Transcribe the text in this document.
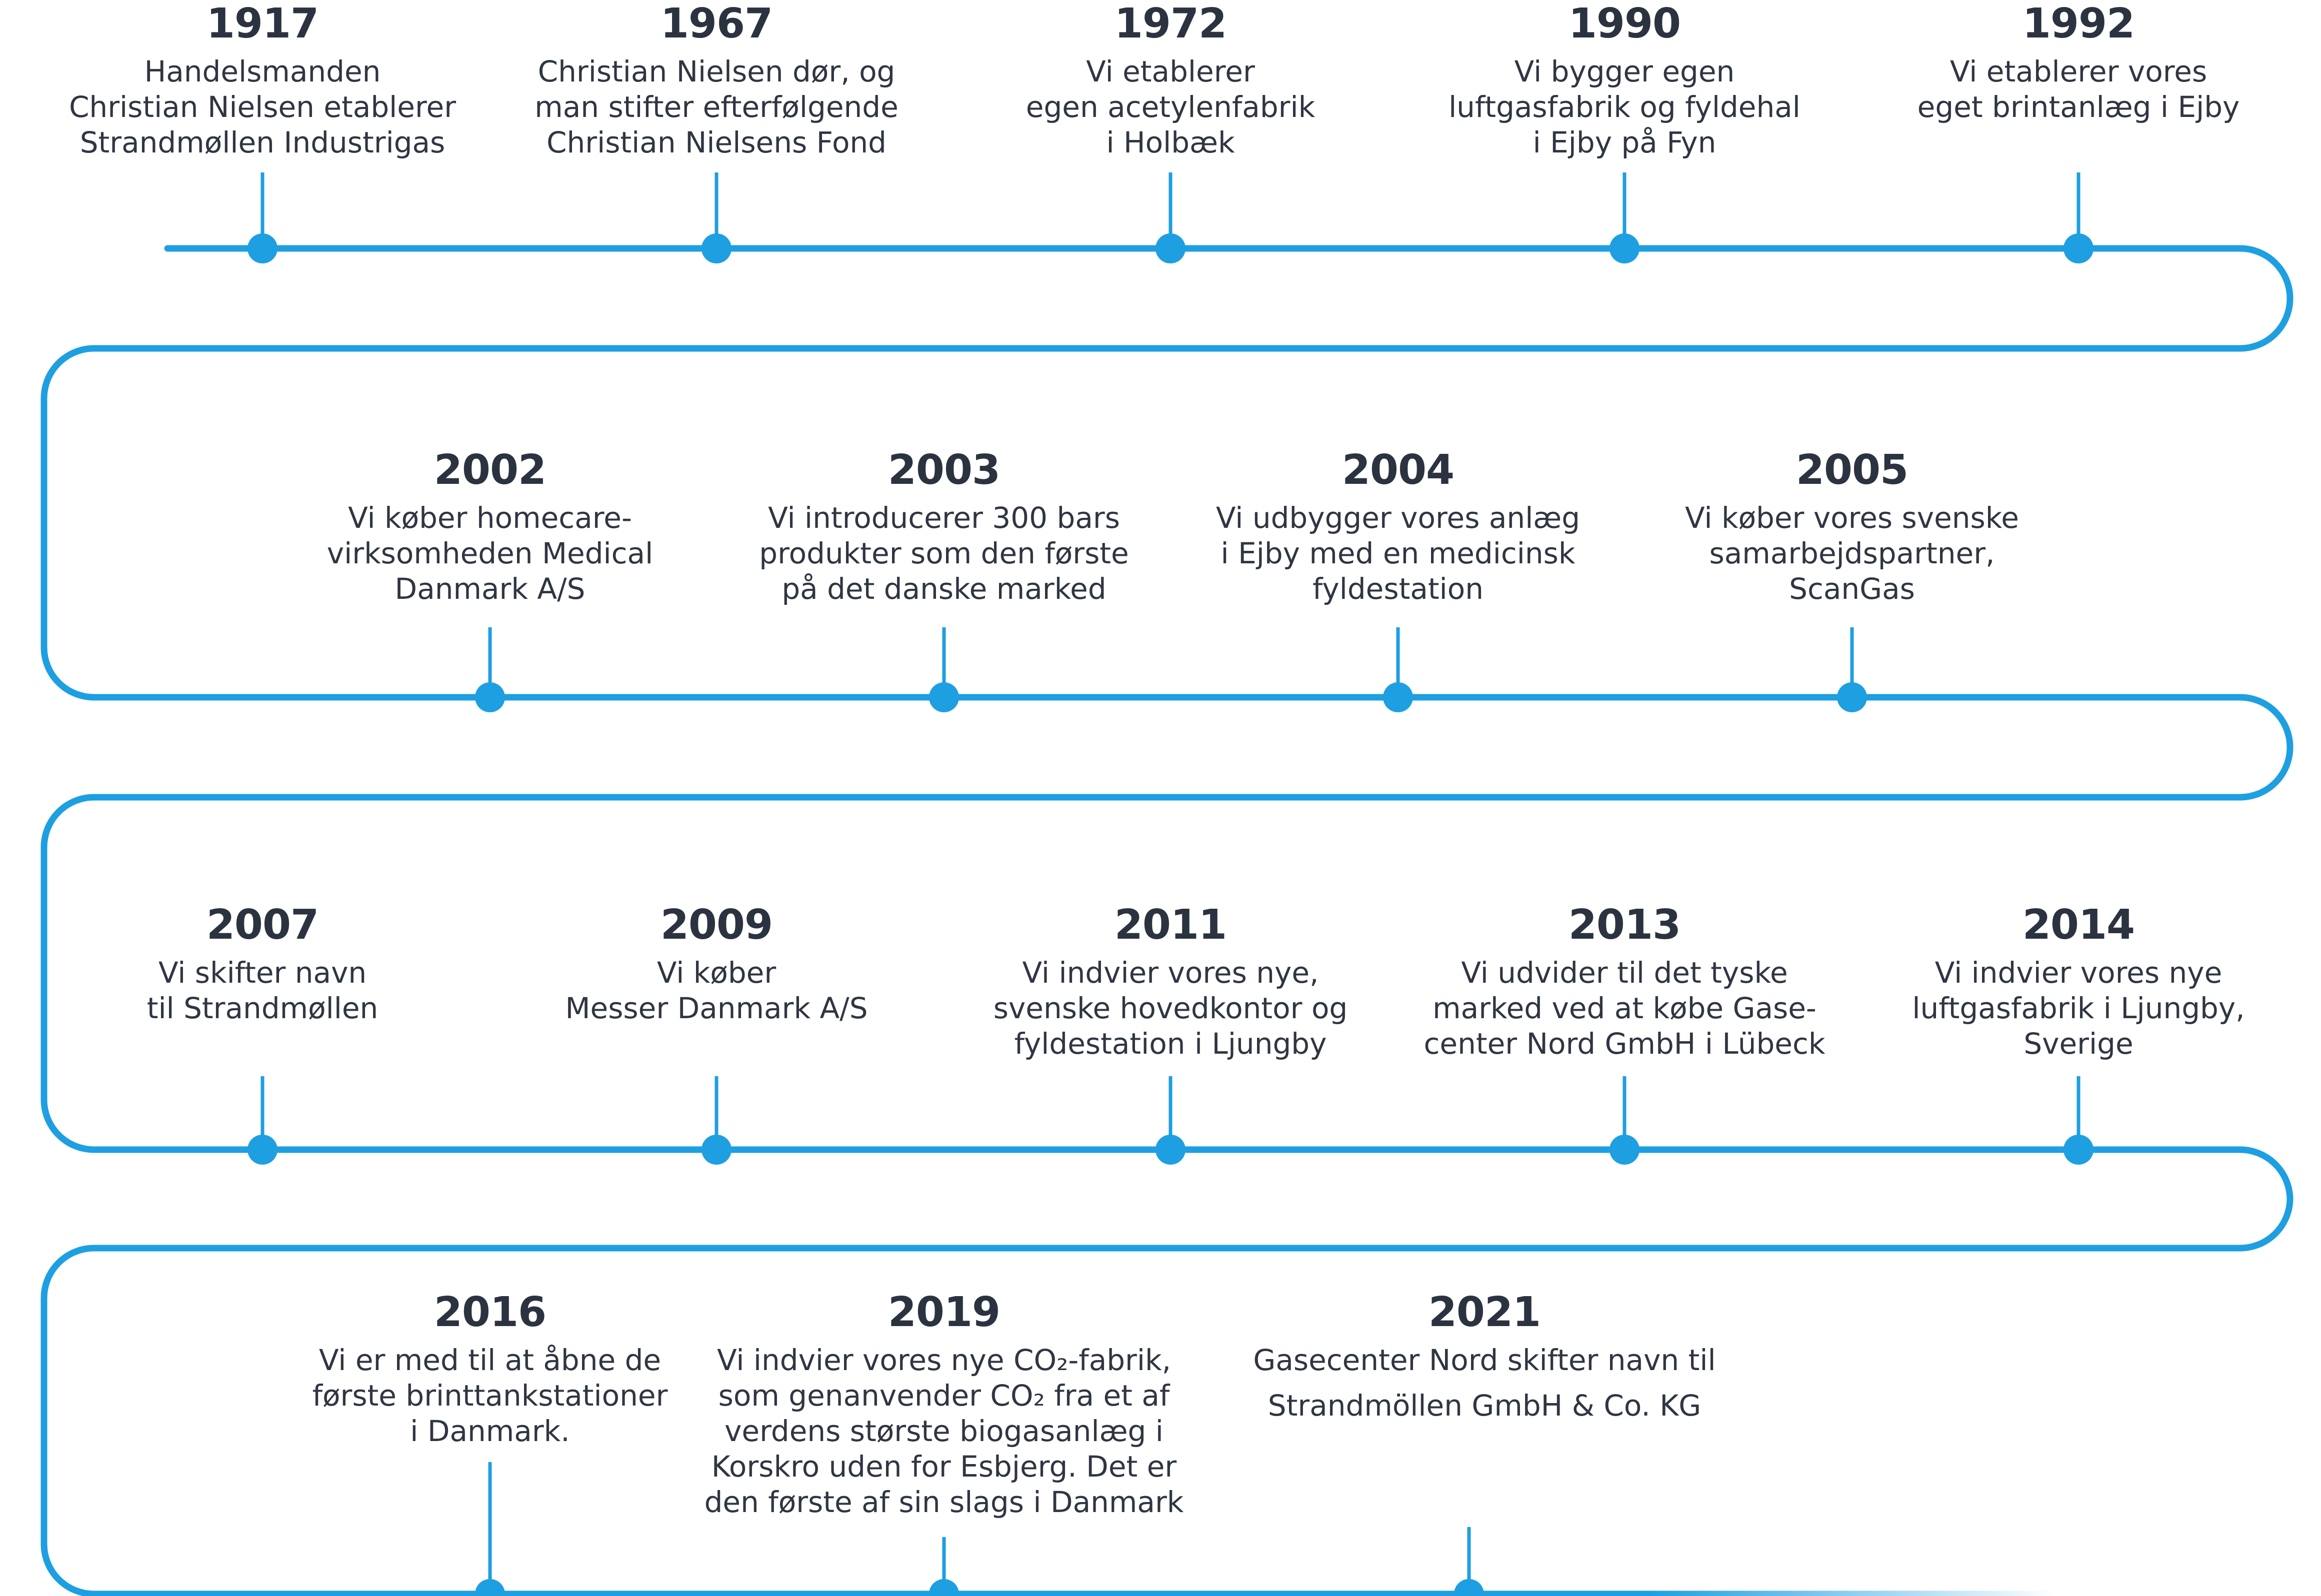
1917
Handelsmanden
Christian Nielsen etablerer
Strandmøllen Industrigas
1967
Christian Nielsen dør, og
man stifter efterfølgende
Christian Nielsens Fond
1972
Vi etablerer
egen acetylenfabrik
i Holbæk
1990
Vi bygger egen
luftgasfabrik og fyldehal
i Ejby på Fyn
1992
Vi etablerer vores
eget brintanlæg i Ejby
2002
Vi køber homecare-
virksomheden Medical
Danmark A/S
2003
Vi introducerer 300 bars
produkter som den første
på det danske marked
2004
Vi udbygger vores anlæg
i Ejby med en medicinsk
fyldestation
2005
Vi køber vores svenske
samarbejdspartner,
ScanGas
2007
Vi skifter navn
til Strandmøllen
2009
Vi køber
Messer Danmark A/S
2011
Vi indvier vores nye,
svenske hovedkontor og
fyldestation i Ljungby
2013
Vi udvider til det tyske
marked ved at købe Gase-
center Nord GmbH i Lübeck
2014
Vi indvier vores nye
luftgasfabrik i Ljungby,
Sverige
2016
Vi er med til at åbne de
første brinttankstationer
i Danmark.
2019
Vi indvier vores nye CO₂-fabrik,
som genanvender CO₂ fra et af
verdens største biogasanlæg i
Korskro uden for Esbjerg. Det er
den første af sin slags i Danmark
2021
Gasecenter Nord skifter navn til
Strandmöllen GmbH & Co. KG
